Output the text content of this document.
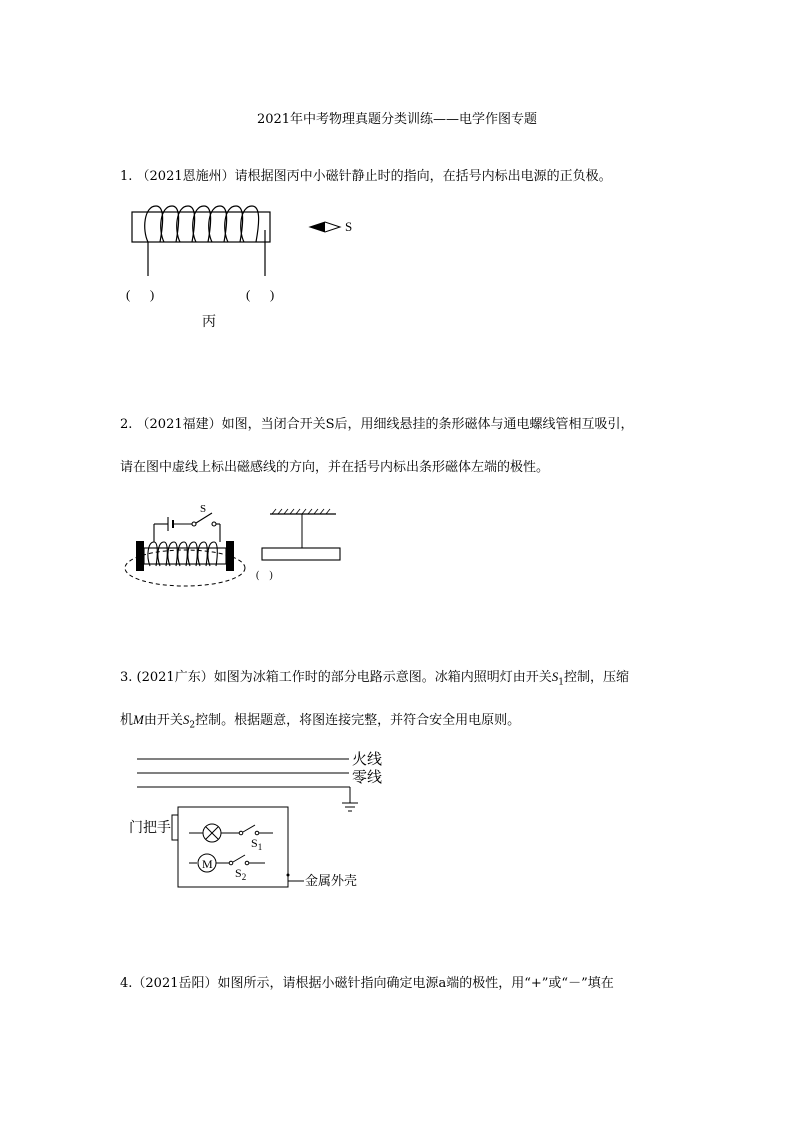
2021年中考物理真题分类训练——电学作图专题
1. （2021恩施州）请根据图丙中小磁针静止时的指向，在括号内标出电源的正负极。
S
(      )	(      )
丙
2. （2021福建）如图，当闭合开关S后，用细线悬挂的条形磁体与通电螺线管相互吸引，
请在图中虚线上标出磁感线的方向，并在括号内标出条形磁体左端的极性。
S
(    )
3. (2021广东）如图为冰箱工作时的部分电路示意图。冰箱内照明灯由开关$S_1$控制，压缩
机M由开关$S_2$控制。根据题意，将图连接完整，并符合安全用电原则。
火线
零线
门把手
$S_1$
M
$S_2$	金属外壳
4.（2021岳阳）如图所示，请根据小磁针指向确定电源a端的极性，用“+”或“－”填在
